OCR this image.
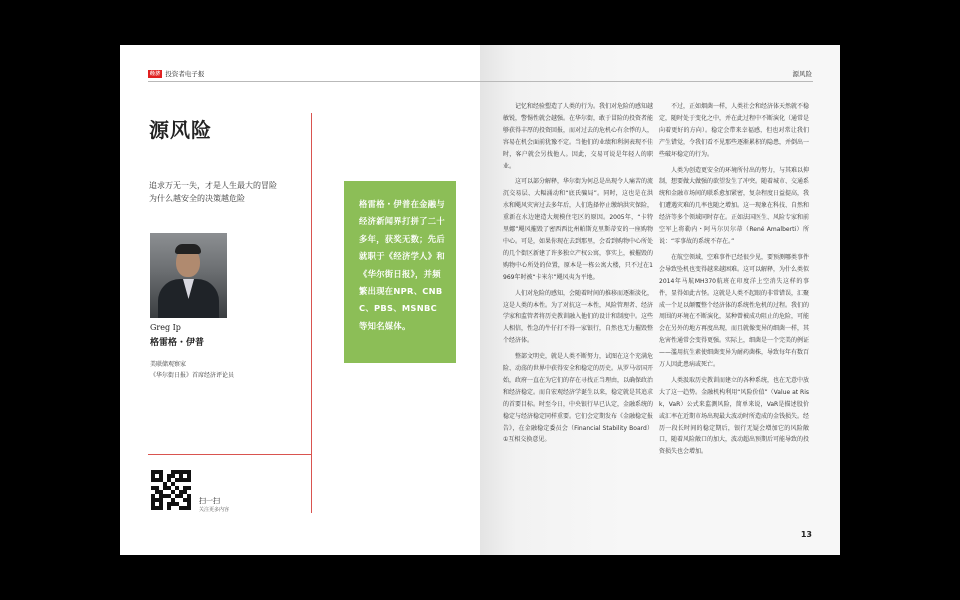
经济 投资者电子报	源风险
源风险
追求万无一失，才是人生最大的冒险
为什么越安全的决策越危险
Greg Ip
格雷格・伊普
美联储观察家
《华尔街日报》首席经济评论员
扫一扫
关注更多内容
格雷格・伊普在金融与经济新闻界打拼了二十多年，获奖无数；先后就职于《经济学人》和《华尔街日报》，并频繁出现在NPR、CNBC、PBS、MSNBC等知名媒体。

记忆和经验塑造了人类的行为。我们对危险的感知越敏锐，警惕性就会越强。在华尔街，敢于冒险的投资者能够获得丰厚的投资回报，而对过去的危机心有余悸的人，容易在机会面前犹豫不定。当他们的业绩和利润表现不佳时，客户就会另找他人。因此，交易可说是年轻人的职业。

这可以部分解释，华尔街为何总是出现令人痛苦的流沉交易层、大幅涌动和“底氏骗局”。同时，这也是在洪水和飓风灾害过去多年后，人们选择停止缴纳洪灾保险，重新在水边建造大规模住宅区的原因。2005年，“卡特里娜”飓风摧毁了密西西比州帕斯克里斯蒂安的一座购物中心。可是，如果你现在去到那里，会看到购物中心所处的几个街区新建了许多独立产权公寓，事实上，被摧毁的购物中心所处的位置，原本是一栋公寓大楼，只不过在1969年时被“卡米尔”飓风夷为平地。

人们对危险的感知，会随着时间的推移而逐渐淡化，这是人类的本性。为了对抗这一本性，风险管理者、经济学家和监管者将历史教训融入他们的设计和制度中。这些人相信，性急的牛仔打不得一家银行，自然也无力摧毁整个经济体。

整部文明史，就是人类不断努力，试图在这个充满危险、动荡的世界中获得安全和稳定的历史。从罗马帝国开始，政府一直在为它们的存在寻找正当理由，以确保政治和经济稳定。而自宏观经济学诞生以来，稳定就是其追求的首要目标。时至今日，中央银行早已认定，金融系统的稳定与经济稳定同样重要。它们会定期发布《金融稳定报告》，在金融稳定委员会（Financial Stability Board）①互相交换意见。

不过，正如烟菌一样，人类社会和经济体天然就不稳定，随时处于变化之中，并在此过程中不断演化（通常是向着更好的方向）。稳定会带来幸福感，但也对常让我们产生错觉，令我们看不见那些逐渐累积的隐患，并倒出一些破坏稳定的行为。

人类为创造更安全的环境所付出的努力，与其难以抑制，想要做大做强的欲望发生了冲突。随着城市、交通系统和金融市场间的联系愈加紧密，复杂程度日益提高，我们遭遇灾难的几率也随之增加。这一现象在科技、自然和经济等多个领域同时存在。正如法国医生、风险专家和前空军上将勒内・阿马尔贝尔蒂（René Amalberti）所说：“零事故的系统不存在。”

在航空领域，空难事件已经很少见，要预测哪类事件会导致坠机也变得越来越困难。这可以解释，为什么类似2014年马航MH370航班在印度洋上空消失这样的事件，显得如此古怪。这就是人类不起眼的非常错误，汇聚成一个足以颠覆整个经济体的系统性危机的过程。我们的周围的环境在不断演化，某种曾被成功阻止的危险，可能会在另外的地方再度出现，而且就像变异的细菌一样，其危害性通常会变得更强。实际上，细菌是一个完美的例证——滥用抗生素使细菌变异为耐药菌株，导致每年有数百万人因此患病或死亡。

人类汲取历史教训而建立的各种系统，也在无意中放大了这一趋势。金融机构利用“风险价值”（Value at Risk，VaR）公式来监测风险，简单来说，VaR是描述股价或汇率在近期市场出现最大波动时所造成的金钱损失。经历一段长时间的稳定期后，银行无疑会增加它的风险敞口，随着风险敞口的加大，波动超出预期后可能导致的投资损失也会增加。

13
